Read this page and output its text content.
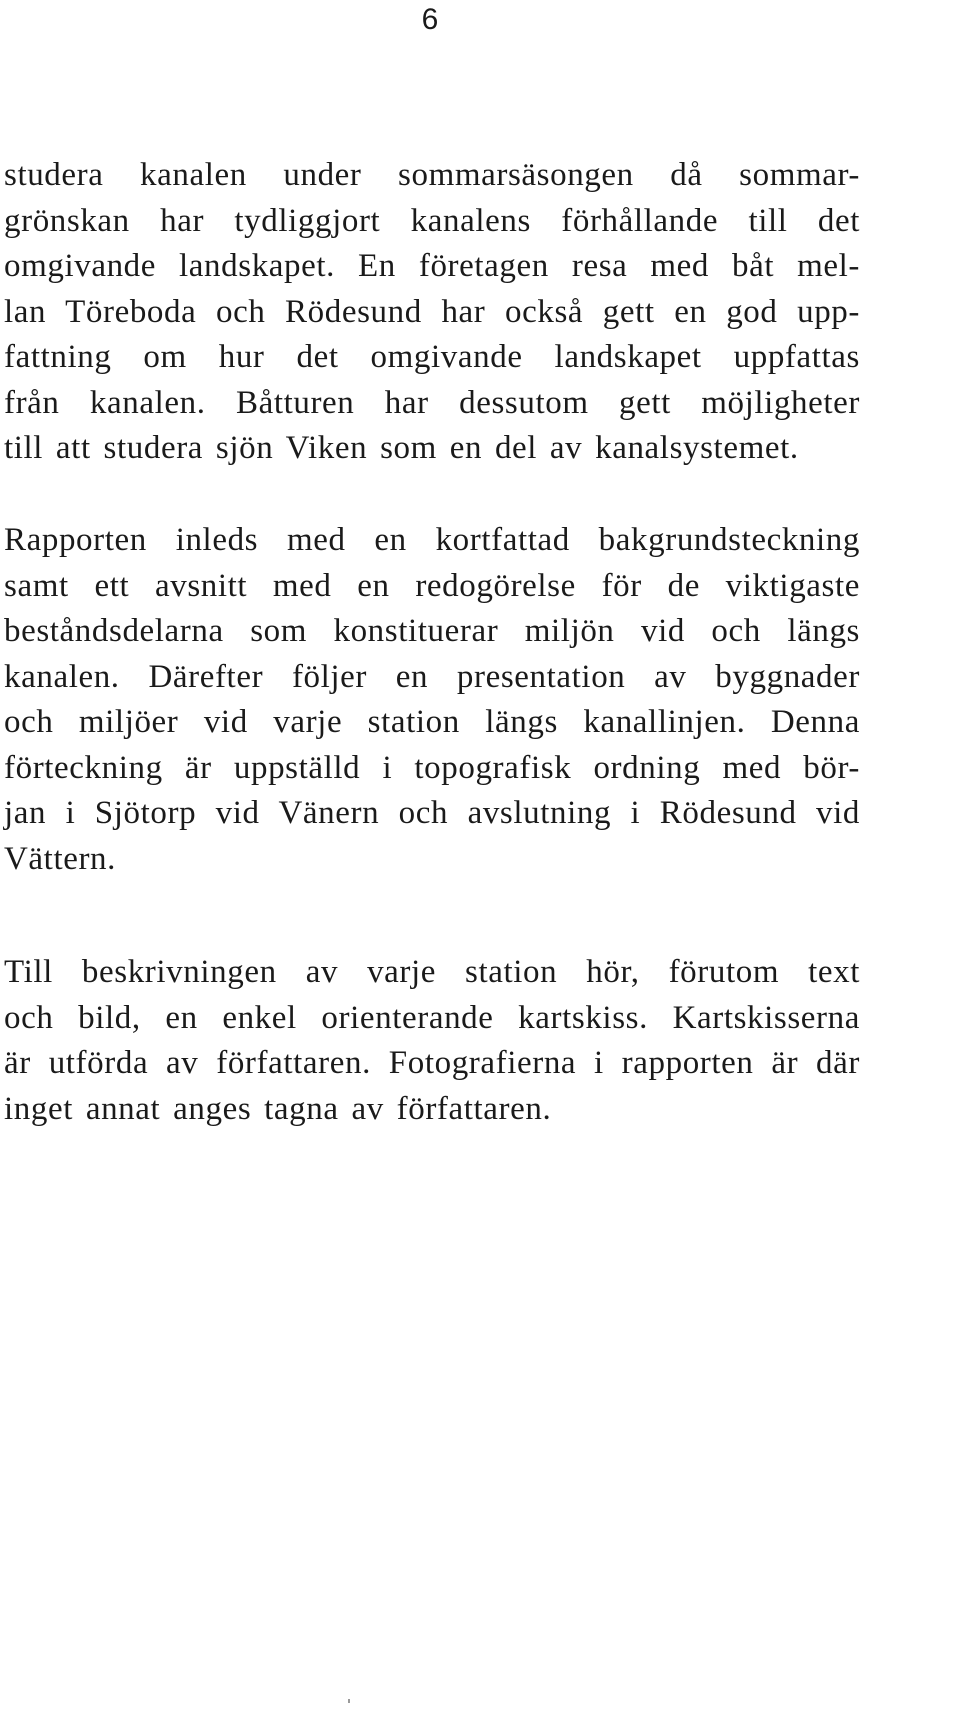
6

studera kanalen under sommarsäsongen då sommar-
grönskan har tydliggjort kanalens förhållande till det
omgivande landskapet. En företagen resa med båt mel-
lan Töreboda och Rödesund har också gett en god upp-
fattning om hur det omgivande landskapet uppfattas
från kanalen. Båtturen har dessutom gett möjligheter
till att studera sjön Viken som en del av kanalsystemet.

Rapporten inleds med en kortfattad bakgrundsteckning
samt ett avsnitt med en redogörelse för de viktigaste
beståndsdelarna som konstituerar miljön vid och längs
kanalen. Därefter följer en presentation av byggnader
och miljöer vid varje station längs kanallinjen. Denna
förteckning är uppställd i topografisk ordning med bör-
jan i Sjötorp vid Vänern och avslutning i Rödesund vid
Vättern.

Till beskrivningen av varje station hör, förutom text
och bild, en enkel orienterande kartskiss. Kartskisserna
är utförda av författaren. Fotografierna i rapporten är där
inget annat anges tagna av författaren.
